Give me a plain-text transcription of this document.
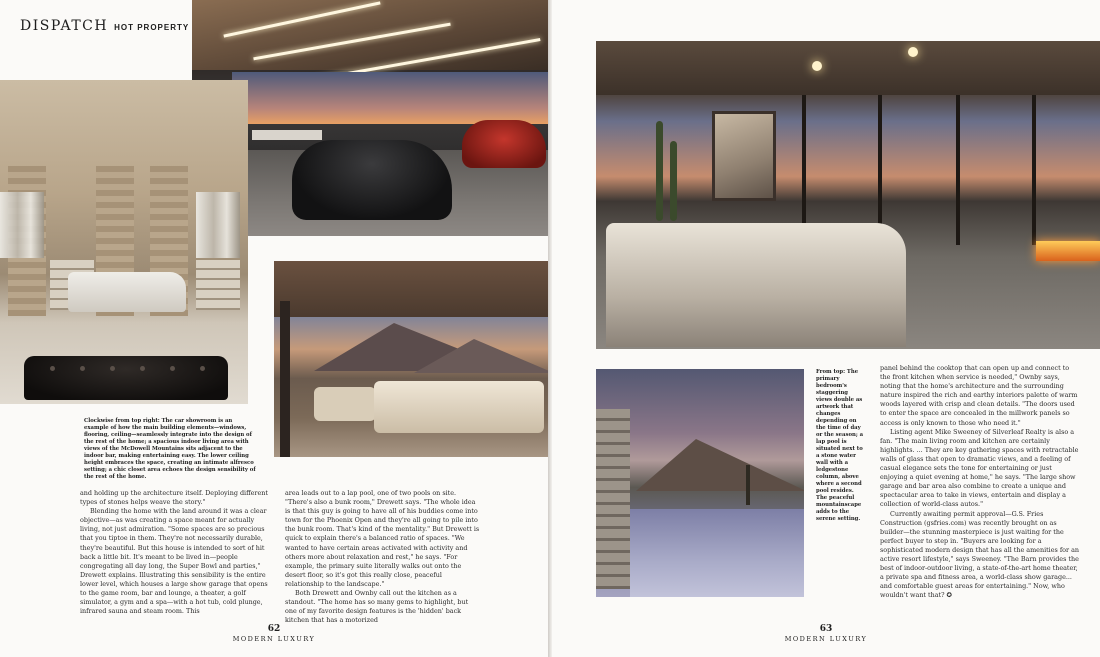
DISPATCH HOT PROPERTY
Clockwise from top right: The car showroom is an example of how the main building elements—windows, flooring, ceiling—seamlessly integrate into the design of the rest of the home; a spacious indoor living area with views of the McDowell Mountains sits adjacent to the indoor bar, making entertaining easy. The lower ceiling height embraces the space, creating an intimate alfresco setting; a chic closet area echoes the design sensibility of the rest of the home.

and holding up the architecture itself. Deploying different types of stones helps weave the story."

Blending the home with the land around it was a clear objective—as was creating a space meant for actually living, not just admiration. "Some spaces are so precious that you tiptoe in them. They're not necessarily durable, they're beautiful. But this house is intended to sort of hit back a little bit. It's meant to be lived in—people congregating all day long, the Super Bowl and parties," Drewett explains. Illustrating this sensibility is the entire lower level, which houses a large show garage that opens to the game room, bar and lounge, a theater, a golf simulator, a gym and a spa—with a hot tub, cold plunge, infrared sauna and steam room. This

area leads out to a lap pool, one of two pools on site. "There's also a bunk room," Drewett says. "The whole idea is that this guy is going to have all of his buddies come into town for the Phoenix Open and they're all going to pile into the bunk room. That's kind of the mentality." But Drewett is quick to explain there's a balanced ratio of spaces. "We wanted to have certain areas activated with activity and others more about relaxation and rest," he says. "For example, the primary suite literally walks out onto the desert floor, so it's got this really close, peaceful relationship to the landscape."

Both Drewett and Ownby call out the kitchen as a standout. "The home has so many gems to highlight, but one of my favorite design features is the 'hidden' back kitchen that has a motorized

62
MODERN LUXURY
From top: The primary bedroom's staggering views double as artwork that changes depending on the time of day or the season; a lap pool is situated next to a stone water wall with a ledgestone column, above where a second pool resides. The peaceful mountainscape adds to the serene setting.

panel behind the cooktop that can open up and connect to the front kitchen when service is needed," Ownby says, noting that the home's architecture and the surrounding nature inspired the rich and earthy interiors palette of warm woods layered with crisp and clean details. "The doors used to enter the space are concealed in the millwork panels so access is only known to those who need it."

Listing agent Mike Sweeney of Silverleaf Realty is also a fan. "The main living room and kitchen are certainly highlights. ... They are key gathering spaces with retractable walls of glass that open to dramatic views, and a feeling of casual elegance sets the tone for entertaining or just enjoying a quiet evening at home," he says. "The large show garage and bar area also combine to create a unique and spectacular area to take in views, entertain and display a collection of world-class autos."

Currently awaiting permit approval—G.S. Fries Construction (gsfries.com) was recently brought on as builder—the stunning masterpiece is just waiting for the perfect buyer to step in. "Buyers are looking for a sophisticated modern design that has all the amenities for an active resort lifestyle," says Sweeney. "The Barn provides the best of indoor-outdoor living, a state-of-the-art home theater, a private spa and fitness area, a world-class show garage... and comfortable guest areas for entertaining." Now, who wouldn't want that? ✪

63
MODERN LUXURY
